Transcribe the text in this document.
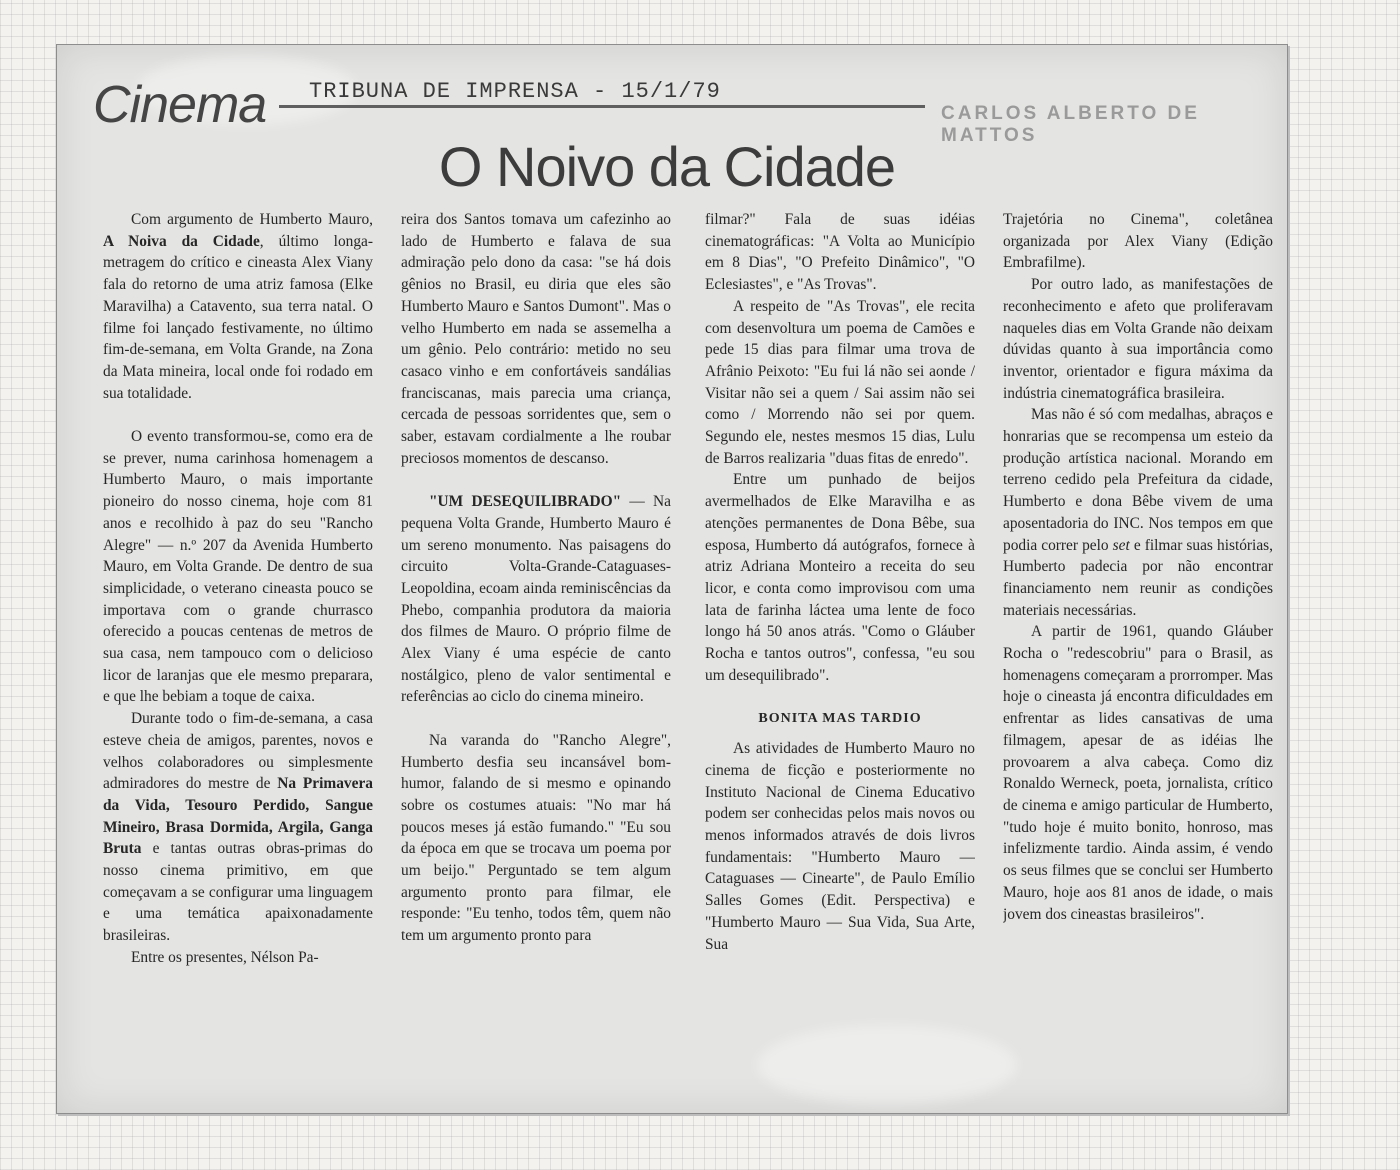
Cinema TRIBUNA DE IMPRENSA - 15/1/79
CARLOS ALBERTO DE MATTOS
O Noivo da Cidade

Com argumento de Humberto Mauro, A Noiva da Cidade, último longa-metragem do crítico e cineasta Alex Viany fala do retorno de uma atriz famosa (Elke Maravilha) a Catavento, sua terra natal. O filme foi lançado festivamente, no último fim-de-semana, em Volta Grande, na Zona da Mata mineira, local onde foi rodado em sua totalidade.

O evento transformou-se, como era de se prever, numa carinhosa homenagem a Humberto Mauro, o mais importante pioneiro do nosso cinema, hoje com 81 anos e recolhido à paz do seu "Rancho Alegre" — n.º 207 da Avenida Humberto Mauro, em Volta Grande. De dentro de sua simplicidade, o veterano cineasta pouco se importava com o grande churrasco oferecido a poucas centenas de metros de sua casa, nem tampouco com o delicioso licor de laranjas que ele mesmo preparara, e que lhe bebiam a toque de caixa.

Durante todo o fim-de-semana, a casa esteve cheia de amigos, parentes, novos e velhos colaboradores ou simplesmente admiradores do mestre de Na Primavera da Vida, Tesouro Perdido, Sangue Mineiro, Brasa Dormida, Argila, Ganga Bruta e tantas outras obras-primas do nosso cinema primitivo, em que começavam a se configurar uma linguagem e uma temática apaixonadamente brasileiras.

Entre os presentes, Nélson Pa-

reira dos Santos tomava um cafezinho ao lado de Humberto e falava de sua admiração pelo dono da casa: "se há dois gênios no Brasil, eu diria que eles são Humberto Mauro e Santos Dumont". Mas o velho Humberto em nada se assemelha a um gênio. Pelo contrário: metido no seu casaco vinho e em confortáveis sandálias franciscanas, mais parecia uma criança, cercada de pessoas sorridentes que, sem o saber, estavam cordialmente a lhe roubar preciosos momentos de descanso.

"UM DESEQUILIBRADO" — Na pequena Volta Grande, Humberto Mauro é um sereno monumento. Nas paisagens do circuito Volta-Grande-Cataguases-Leopoldina, ecoam ainda reminiscências da Phebo, companhia produtora da maioria dos filmes de Mauro. O próprio filme de Alex Viany é uma espécie de canto nostálgico, pleno de valor sentimental e referências ao ciclo do cinema mineiro.

Na varanda do "Rancho Alegre", Humberto desfia seu incansável bom-humor, falando de si mesmo e opinando sobre os costumes atuais: "No mar há poucos meses já estão fumando." "Eu sou da época em que se trocava um poema por um beijo." Perguntado se tem algum argumento pronto para filmar, ele responde: "Eu tenho, todos têm, quem não tem um argumento pronto para

filmar?" Fala de suas idéias cinematográficas: "A Volta ao Município em 8 Dias", "O Prefeito Dinâmico", "O Eclesiastes", e "As Trovas".

A respeito de "As Trovas", ele recita com desenvoltura um poema de Camões e pede 15 dias para filmar uma trova de Afrânio Peixoto: "Eu fui lá não sei aonde / Visitar não sei a quem / Sai assim não sei como / Morrendo não sei por quem. Segundo ele, nestes mesmos 15 dias, Lulu de Barros realizaria "duas fitas de enredo".

Entre um punhado de beijos avermelhados de Elke Maravilha e as atenções permanentes de Dona Bêbe, sua esposa, Humberto dá autógrafos, fornece à atriz Adriana Monteiro a receita do seu licor, e conta como improvisou com uma lata de farinha láctea uma lente de foco longo há 50 anos atrás. "Como o Gláuber Rocha e tantos outros", confessa, "eu sou um desequilibrado".

BONITA MAS TARDIO

As atividades de Humberto Mauro no cinema de ficção e posteriormente no Instituto Nacional de Cinema Educativo podem ser conhecidas pelos mais novos ou menos informados através de dois livros fundamentais: "Humberto Mauro — Cataguases — Cinearte", de Paulo Emílio Salles Gomes (Edit. Perspectiva) e "Humberto Mauro — Sua Vida, Sua Arte, Sua

Trajetória no Cinema", coletânea organizada por Alex Viany (Edição Embrafilme).

Por outro lado, as manifestações de reconhecimento e afeto que proliferavam naqueles dias em Volta Grande não deixam dúvidas quanto à sua importância como inventor, orientador e figura máxima da indústria cinematográfica brasileira.

Mas não é só com medalhas, abraços e honrarias que se recompensa um esteio da produção artística nacional. Morando em terreno cedido pela Prefeitura da cidade, Humberto e dona Bêbe vivem de uma aposentadoria do INC. Nos tempos em que podia correr pelo set e filmar suas histórias, Humberto padecia por não encontrar financiamento nem reunir as condições materiais necessárias.

A partir de 1961, quando Gláuber Rocha o "redescobriu" para o Brasil, as homenagens começaram a prorromper. Mas hoje o cineasta já encontra dificuldades em enfrentar as lides cansativas de uma filmagem, apesar de as idéias lhe provoarem a alva cabeça. Como diz Ronaldo Werneck, poeta, jornalista, crítico de cinema e amigo particular de Humberto, "tudo hoje é muito bonito, honroso, mas infelizmente tardio. Ainda assim, é vendo os seus filmes que se conclui ser Humberto Mauro, hoje aos 81 anos de idade, o mais jovem dos cineastas brasileiros".
